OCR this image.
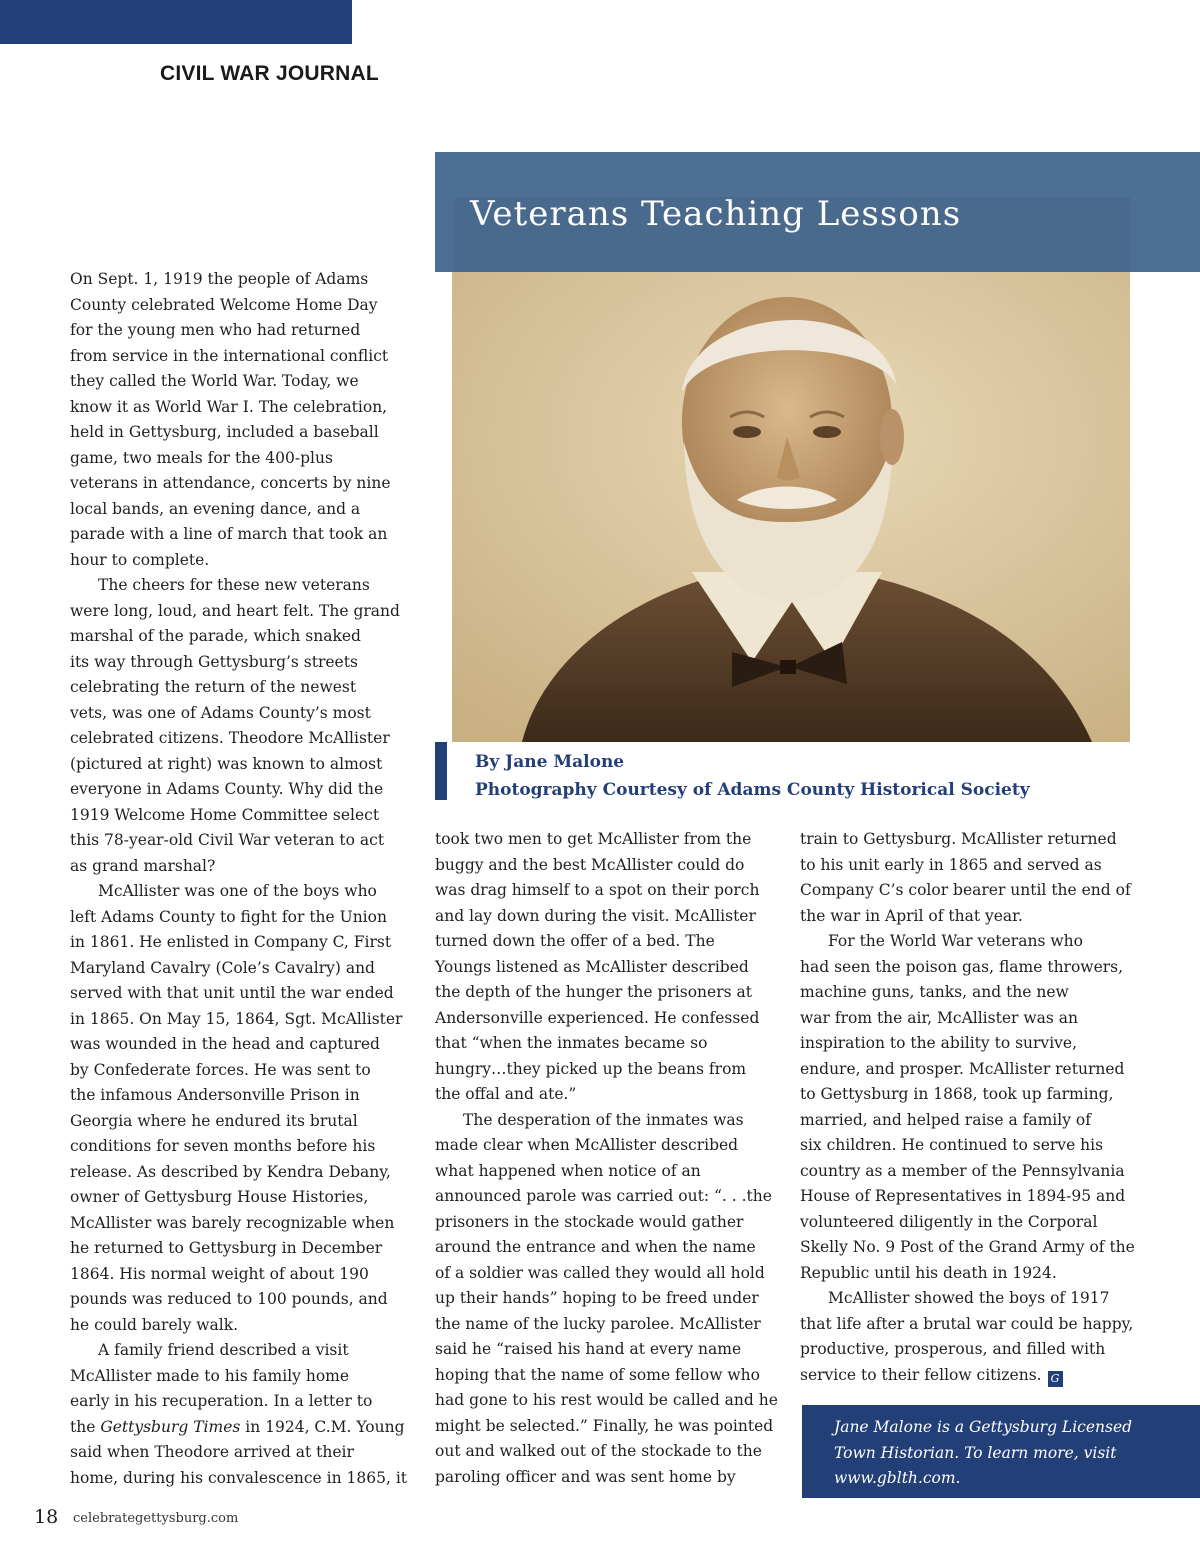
CIVIL WAR JOURNAL
Veterans Teaching Lessons
By Jane Malone
Photography Courtesy of Adams County Historical Society

On Sept. 1, 1919 the people of Adams

County celebrated Welcome Home Day

for the young men who had returned

from service in the international conflict

they called the World War. Today, we

know it as World War I. The celebration,

held in Gettysburg, included a baseball

game, two meals for the 400-plus

veterans in attendance, concerts by nine

local bands, an evening dance, and a

parade with a line of march that took an

hour to complete.

The cheers for these new veterans

were long, loud, and heart felt. The grand

marshal of the parade, which snaked

its way through Gettysburg’s streets

celebrating the return of the newest

vets, was one of Adams County’s most

celebrated citizens. Theodore McAllister

(pictured at right) was known to almost

everyone in Adams County. Why did the

1919 Welcome Home Committee select

this 78-year-old Civil War veteran to act

as grand marshal?

McAllister was one of the boys who

left Adams County to fight for the Union

in 1861. He enlisted in Company C, First

Maryland Cavalry (Cole’s Cavalry) and

served with that unit until the war ended

in 1865. On May 15, 1864, Sgt. McAllister

was wounded in the head and captured

by Confederate forces. He was sent to

the infamous Andersonville Prison in

Georgia where he endured its brutal

conditions for seven months before his

release. As described by Kendra Debany,

owner of Gettysburg House Histories,

McAllister was barely recognizable when

he returned to Gettysburg in December

1864. His normal weight of about 190

pounds was reduced to 100 pounds, and

he could barely walk.

A family friend described a visit

McAllister made to his family home

early in his recuperation. In a letter to

the Gettysburg Times in 1924, C.M. Young

said when Theodore arrived at their

home, during his convalescence in 1865, it

took two men to get McAllister from the

buggy and the best McAllister could do

was drag himself to a spot on their porch

and lay down during the visit. McAllister

turned down the offer of a bed. The

Youngs listened as McAllister described

the depth of the hunger the prisoners at

Andersonville experienced. He confessed

that “when the inmates became so

hungry…they picked up the beans from

the offal and ate.”

The desperation of the inmates was

made clear when McAllister described

what happened when notice of an

announced parole was carried out: “. . .the

prisoners in the stockade would gather

around the entrance and when the name

of a soldier was called they would all hold

up their hands” hoping to be freed under

the name of the lucky parolee. McAllister

said he “raised his hand at every name

hoping that the name of some fellow who

had gone to his rest would be called and he

might be selected.” Finally, he was pointed

out and walked out of the stockade to the

paroling officer and was sent home by

train to Gettysburg. McAllister returned

to his unit early in 1865 and served as

Company C’s color bearer until the end of

the war in April of that year.

For the World War veterans who

had seen the poison gas, flame throwers,

machine guns, tanks, and the new

war from the air, McAllister was an

inspiration to the ability to survive,

endure, and prosper. McAllister returned

to Gettysburg in 1868, took up farming,

married, and helped raise a family of

six children. He continued to serve his

country as a member of the Pennsylvania

House of Representatives in 1894-95 and

volunteered diligently in the Corporal

Skelly No. 9 Post of the Grand Army of the

Republic until his death in 1924.

McAllister showed the boys of 1917

that life after a brutal war could be happy,

productive, prosperous, and filled with

service to their fellow citizens. G

Jane Malone is a Gettysburg Licensed
Town Historian. To learn more, visit
www.gblth.com.

18 celebrategettysburg.com
